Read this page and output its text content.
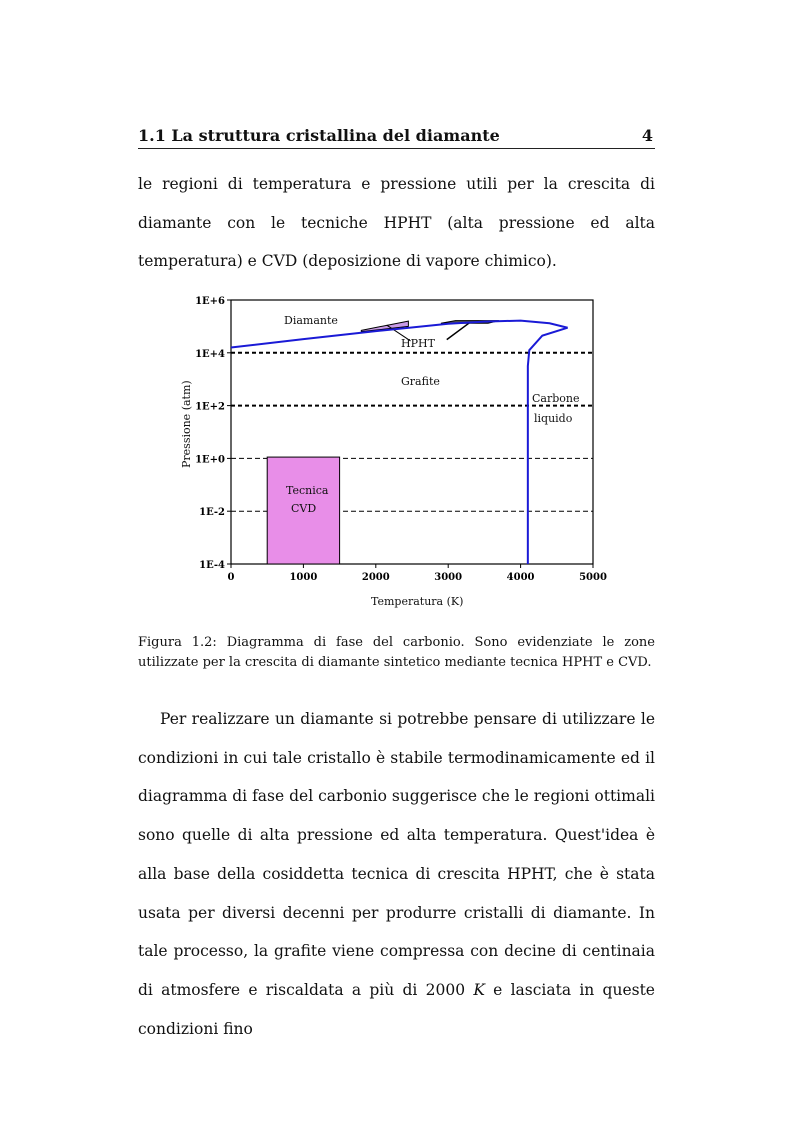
1.1 La struttura cristallina del diamante	4

le regioni di temperatura e pressione utili per la crescita di diamante con le tecniche HPHT (alta pressione ed alta temperatura) e CVD (deposizione di vapore chimico).

1E-4
1E-2
1E+0
1E+2
1E+4
1E+6
0	1000	2000	3000	4000	5000
Diamante
HPHT
Grafite
Carbone
liquido
Tecnica
CVD
Temperatura (K)
Pressione (atm)

Figura 1.2: Diagramma di fase del carbonio. Sono evidenziate le zone utilizzate per la crescita di diamante sintetico mediante tecnica HPHT e CVD.

Per realizzare un diamante si potrebbe pensare di utilizzare le condizioni in cui tale cristallo è stabile termodinamicamente ed il diagramma di fase del carbonio suggerisce che le regioni ottimali sono quelle di alta pressione ed alta temperatura. Quest'idea è alla base della cosiddetta tecnica di crescita HPHT, che è stata usata per diversi decenni per produrre cristalli di diamante. In tale processo, la grafite viene compressa con decine di centinaia di atmosfere e riscaldata a più di 2000 K e lasciata in queste condizioni fino
